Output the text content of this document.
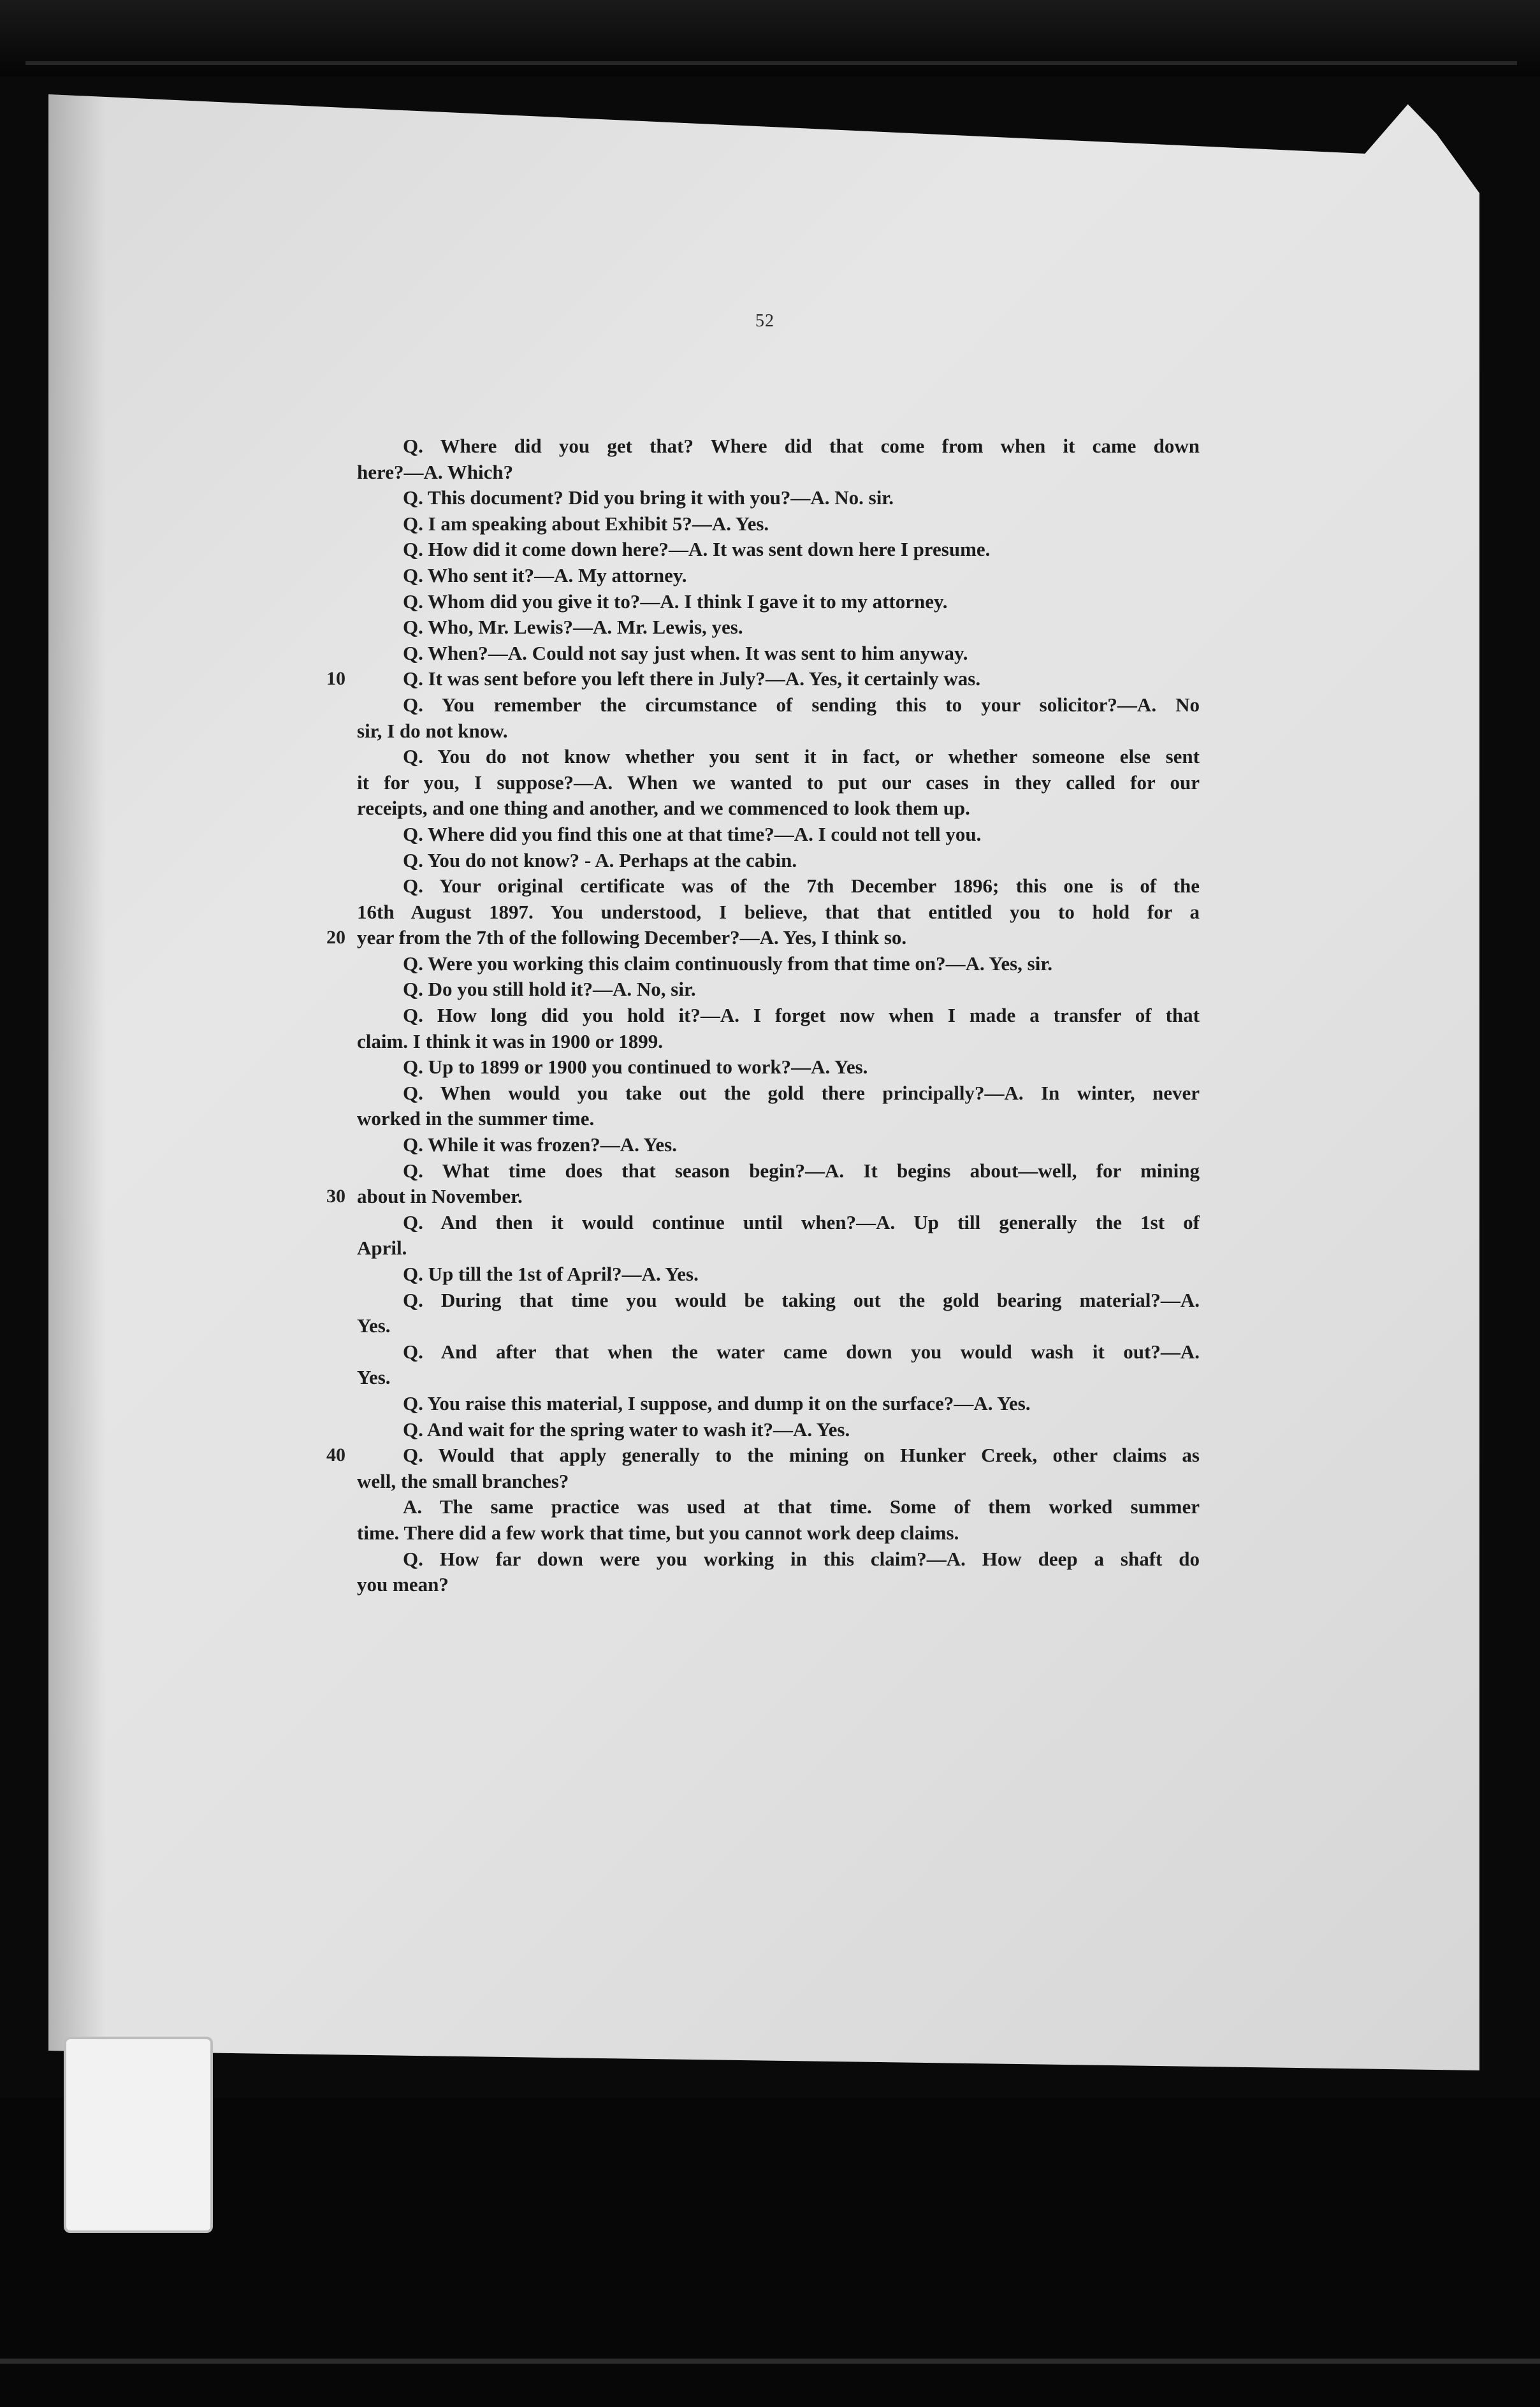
52
Q. Where did you get that? Where did that come from when it came down
here?—A. Which?
Q. This document? Did you bring it with you?—A. No. sir.
Q. I am speaking about Exhibit 5?—A. Yes.
Q. How did it come down here?—A. It was sent down here I presume.
Q. Who sent it?—A. My attorney.
Q. Whom did you give it to?—A. I think I gave it to my attorney.
Q. Who, Mr. Lewis?—A. Mr. Lewis, yes.
Q. When?—A. Could not say just when. It was sent to him anyway.
10	Q. It was sent before you left there in July?—A. Yes, it certainly was.
Q. You remember the circumstance of sending this to your solicitor?—A. No
sir, I do not know.
Q. You do not know whether you sent it in fact, or whether someone else sent
it for you, I suppose?—A. When we wanted to put our cases in they called for our
receipts, and one thing and another, and we commenced to look them up.
Q. Where did you find this one at that time?—A. I could not tell you.
Q. You do not know? - A. Perhaps at the cabin.
Q. Your original certificate was of the 7th December 1896; this one is of the
16th August 1897. You understood, I believe, that that entitled you to hold for a
20 year from the 7th of the following December?—A. Yes, I think so.
Q. Were you working this claim continuously from that time on?—A. Yes, sir.
Q. Do you still hold it?—A. No, sir.
Q. How long did you hold it?—A. I forget now when I made a transfer of that
claim. I think it was in 1900 or 1899.
Q. Up to 1899 or 1900 you continued to work?—A. Yes.
Q. When would you take out the gold there principally?—A. In winter, never
worked in the summer time.
Q. While it was frozen?—A. Yes.
Q. What time does that season begin?—A. It begins about—well, for mining
30 about in November.
Q. And then it would continue until when?—A. Up till generally the 1st of
April.
Q. Up till the 1st of April?—A. Yes.
Q. During that time you would be taking out the gold bearing material?—A.
Yes.
Q. And after that when the water came down you would wash it out?—A.
Yes.
Q. You raise this material, I suppose, and dump it on the surface?—A. Yes.
Q. And wait for the spring water to wash it?—A. Yes.
40	Q. Would that apply generally to the mining on Hunker Creek, other claims as
well, the small branches?
A. The same practice was used at that time. Some of them worked summer
time. There did a few work that time, but you cannot work deep claims.
Q. How far down were you working in this claim?—A. How deep a shaft do
you mean?
